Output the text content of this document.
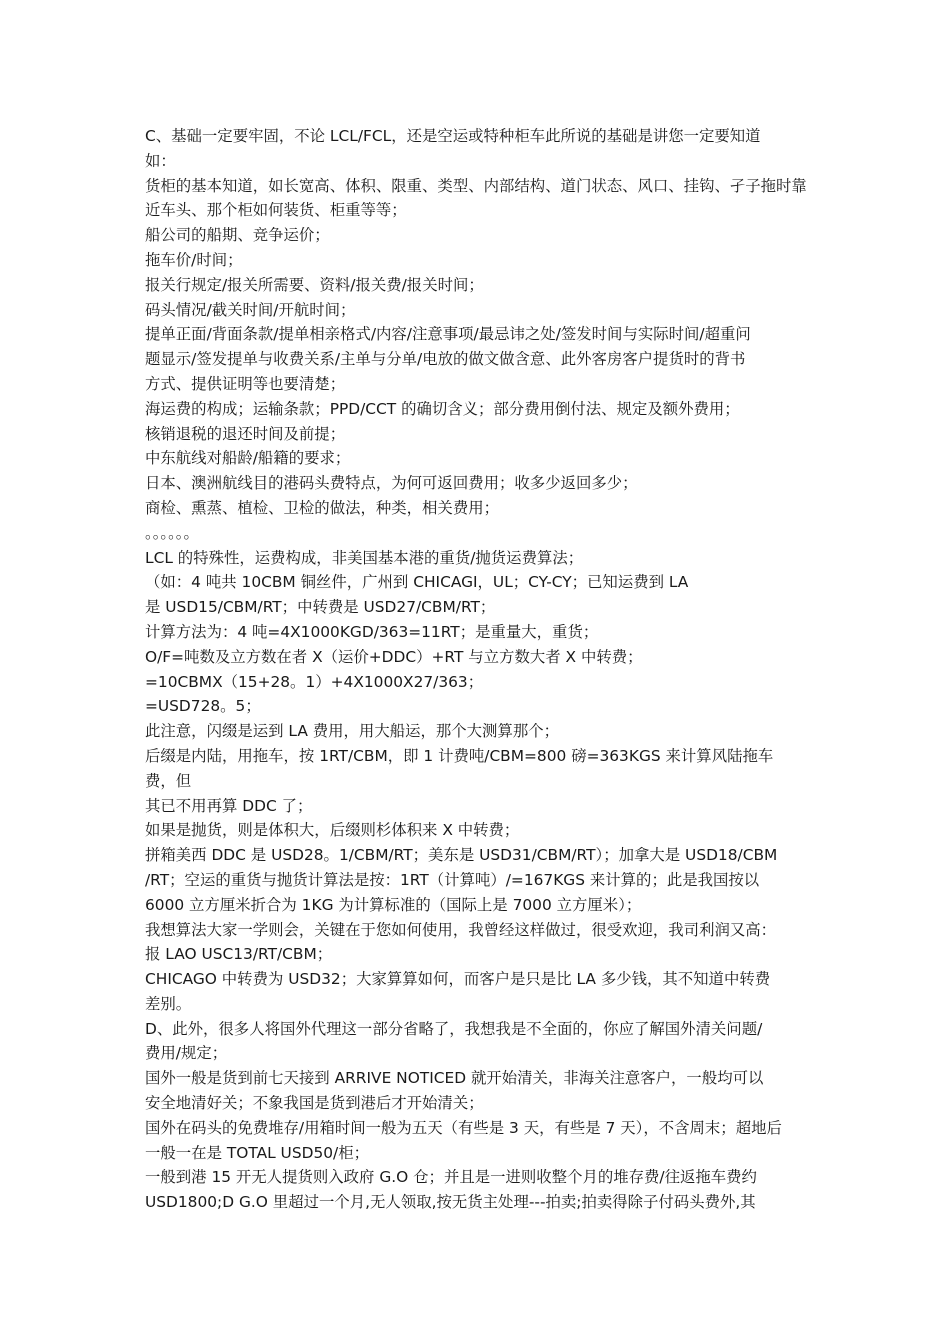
C、基础一定要牢固，不论 LCL/FCL，还是空运或特种柜车此所说的基础是讲您一定要知道
如：
货柜的基本知道，如长宽高、体积、限重、类型、内部结构、道门状态、风口、挂钩、孑子拖时靠
近车头、那个柜如何装货、柜重等等；
船公司的船期、竞争运价；
拖车价/时间；
报关行规定/报关所需要、资料/报关费/报关时间；
码头情况/截关时间/开航时间；
提单正面/背面条款/提单相亲格式/内容/注意事项/最忌讳之处/签发时间与实际时间/超重问
题显示/签发提单与收费关系/主单与分单/电放的做文做含意、此外客房客户提货时的背书
方式、提供证明等也要清楚；
海运费的构成；运输条款；PPD/CCT 的确切含义；部分费用倒付法、规定及额外费用；
核销退税的退还时间及前提；
中东航线对船龄/船籍的要求；
日本、澳洲航线目的港码头费特点，为何可返回费用；收多少返回多少；
商检、熏蒸、植检、卫检的做法，种类，相关费用；
。。。。。。
LCL 的特殊性，运费构成，非美国基本港的重货/抛货运费算法；
（如：4 吨共 10CBM 铜丝件，广州到 CHICAGI，UL；CY-CY；已知运费到 LA
是 USD15/CBM/RT；中转费是 USD27/CBM/RT；
计算方法为：4 吨=4X1000KGD/363=11RT；是重量大，重货；
O/F=吨数及立方数在者 X（运价+DDC）+RT 与立方数大者 X 中转费；
=10CBMX（15+28。1）+4X1000X27/363；
=USD728。5；
此注意，闪缀是运到 LA 费用，用大船运，那个大测算那个；
后缀是内陆，用拖车，按 1RT/CBM，即 1 计费吨/CBM=800 磅=363KGS 来计算风陆拖车
费，但
其已不用再算 DDC 了；
如果是抛货，则是体积大，后缀则杉体积来 X 中转费；
拼箱美西 DDC 是 USD28。1/CBM/RT；美东是 USD31/CBM/RT）；加拿大是 USD18/CBM
/RT；空运的重货与抛货计算法是按：1RT（计算吨）/=167KGS 来计算的；此是我国按以
6000 立方厘米折合为 1KG 为计算标准的（国际上是 7000 立方厘米）；
我想算法大家一学则会，关键在于您如何使用，我曾经这样做过，很受欢迎，我司利润又高：
报 LAO USC13/RT/CBM；
CHICAGO 中转费为 USD32；大家算算如何，而客户是只是比 LA 多少钱，其不知道中转费
差别。
D、此外，很多人将国外代理这一部分省略了，我想我是不全面的，你应了解国外清关问题/
费用/规定；
国外一般是货到前七天接到 ARRIVE NOTICED 就开始清关，非海关注意客户，一般均可以
安全地清好关；不象我国是货到港后才开始清关；
国外在码头的免费堆存/用箱时间一般为五天（有些是 3 天，有些是 7 天），不含周末；超地后
一般一在是 TOTAL USD50/柜；
一般到港 15 开无人提货则入政府 G.O 仓；并且是一进则收整个月的堆存费/往返拖车费约
USD1800;D G.O 里超过一个月,无人领取,按无货主处理---拍卖;拍卖得除子付码头费外,其
